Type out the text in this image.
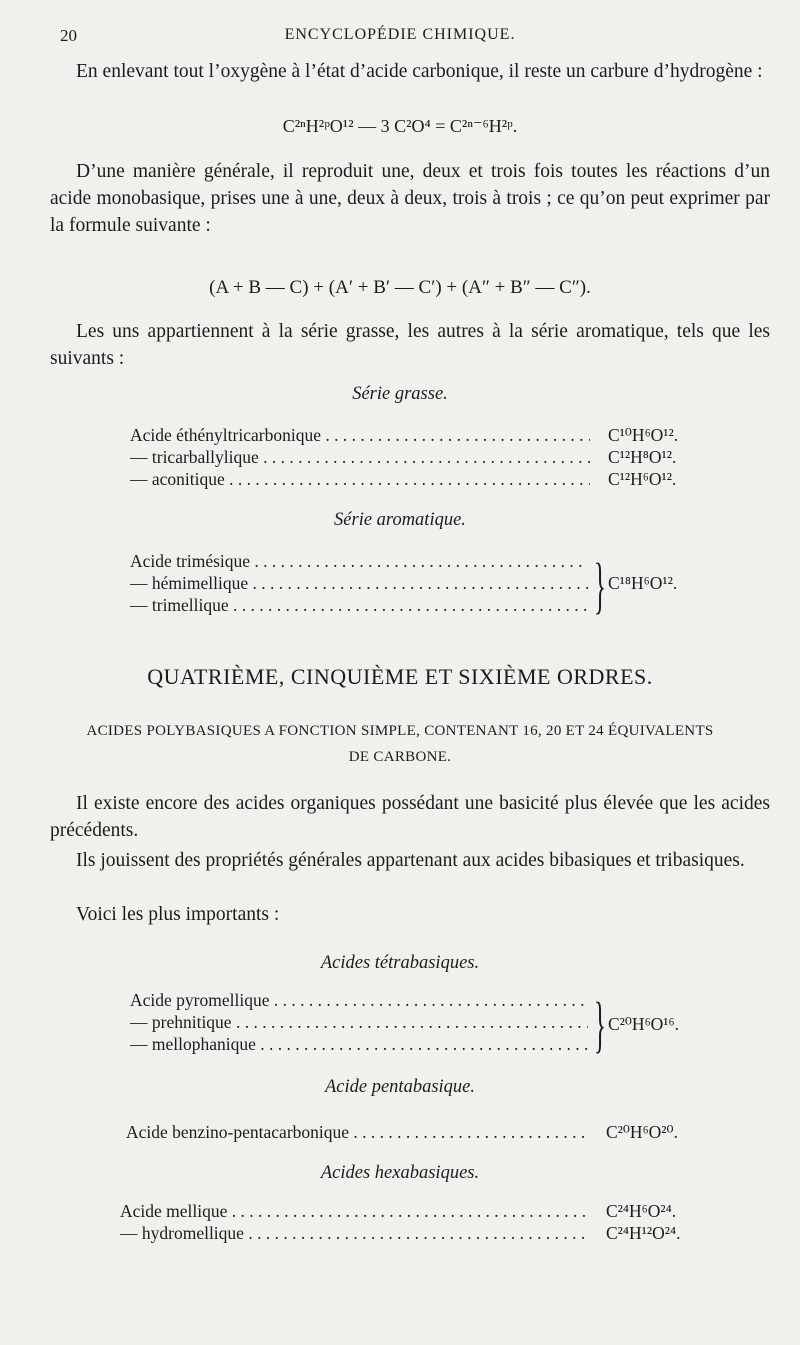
20	ENCYCLOPÉDIE CHIMIQUE.
En enlevant tout l’oxygène à l’état d’acide carbonique, il reste un carbure d’hydrogène :
C²ⁿH²ᵖO¹² — 3 C²O⁴ = C²ⁿ⁻⁶H²ᵖ.
D’une manière générale, il reproduit une, deux et trois fois toutes les réactions d’un acide monobasique, prises une à une, deux à deux, trois à trois ; ce qu’on peut exprimer par la formule suivante :
(A + B — C) + (A′ + B′ — C′) + (A″ + B″ — C″).
Les uns appartiennent à la série grasse, les autres à la série aromatique, tels que les suivants :
Série grasse.
Acide éthényltricarbonique . . .	C¹⁰H⁶O¹².
— tricarballylique . . .	C¹²H⁸O¹².
— aconitique . . .	C¹²H⁶O¹².
Série aromatique.
Acide trimésique . . .
— hémimellique . . .
— trimellique . . .	} C¹⁸H⁶O¹².
QUATRIÈME, CINQUIÈME ET SIXIÈME ORDRES.
ACIDES POLYBASIQUES A FONCTION SIMPLE, CONTENANT 16, 20 ET 24 ÉQUIVALENTS
DE CARBONE.
Il existe encore des acides organiques possédant une basicité plus élevée que les acides précédents.
Ils jouissent des propriétés générales appartenant aux acides bibasiques et tribasiques.
Voici les plus importants :
Acides tétrabasiques.
Acide pyromellique . . .
— prehnitique . . .
— mellophanique . . .	} C²⁰H⁶O¹⁶.
Acide pentabasique.
Acide benzino-pentacarbonique . . .	C²⁰H⁶O²⁰.
Acides hexabasiques.
Acide mellique . . .	C²⁴H⁶O²⁴.
— hydromellique . . .	C²⁴H¹²O²⁴.
